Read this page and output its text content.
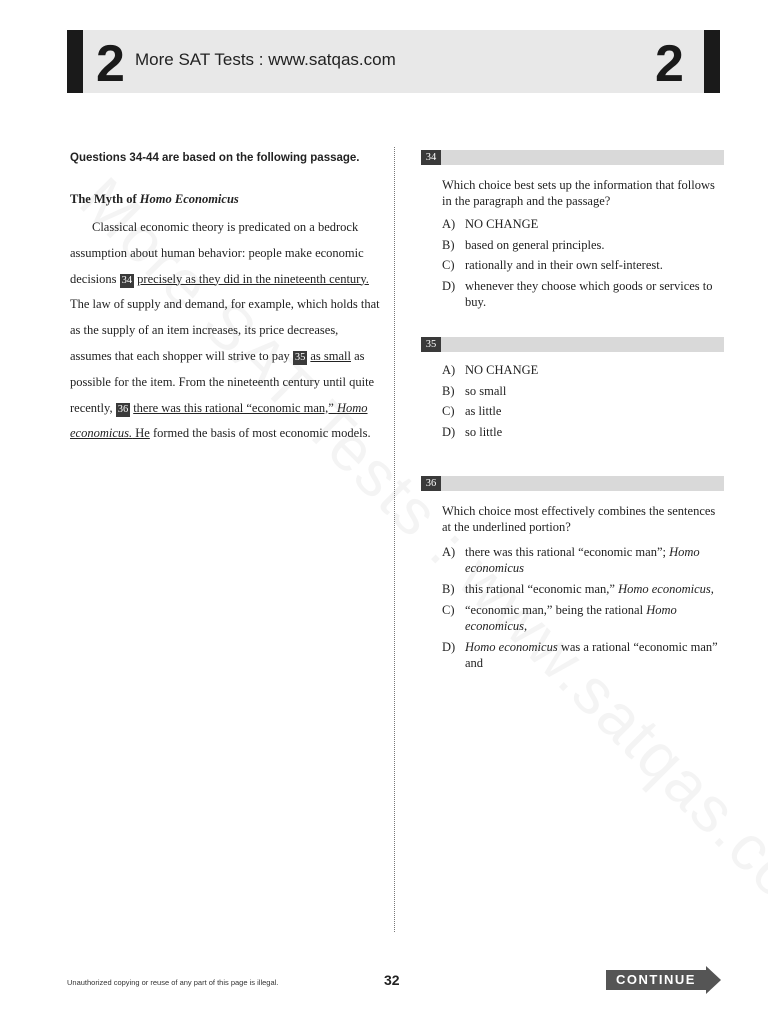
2 More SAT Tests : www.satqas.com	2

Questions 34-44 are based on the following passage.

The Myth of Homo Economicus

Classical economic theory is predicated on a bedrock assumption about human behavior: people make economic decisions 34 precisely as they did in the nineteenth century. The law of supply and demand, for example, which holds that as the supply of an item increases, its price decreases, assumes that each shopper will strive to pay 35 as small as possible for the item. From the nineteenth century until quite recently, 36 there was this rational “economic man,” Homo economicus. He formed the basis of most economic models.

34
Which choice best sets up the information that follows in the paragraph and the passage?
A) NO CHANGE
B) based on general principles.
C) rationally and in their own self-interest.
D) whenever they choose which goods or services to buy.
35
A) NO CHANGE
B) so small
C) as little
D) so little
36
Which choice most effectively combines the sentences at the underlined portion?
A) there was this rational “economic man”; Homo economicus
B) this rational “economic man,” Homo economicus,
C) “economic man,” being the rational Homo economicus,
D) Homo economicus was a rational “economic man” and
Unauthorized copying or reuse of any part of this page is illegal.	32	CONTINUE
